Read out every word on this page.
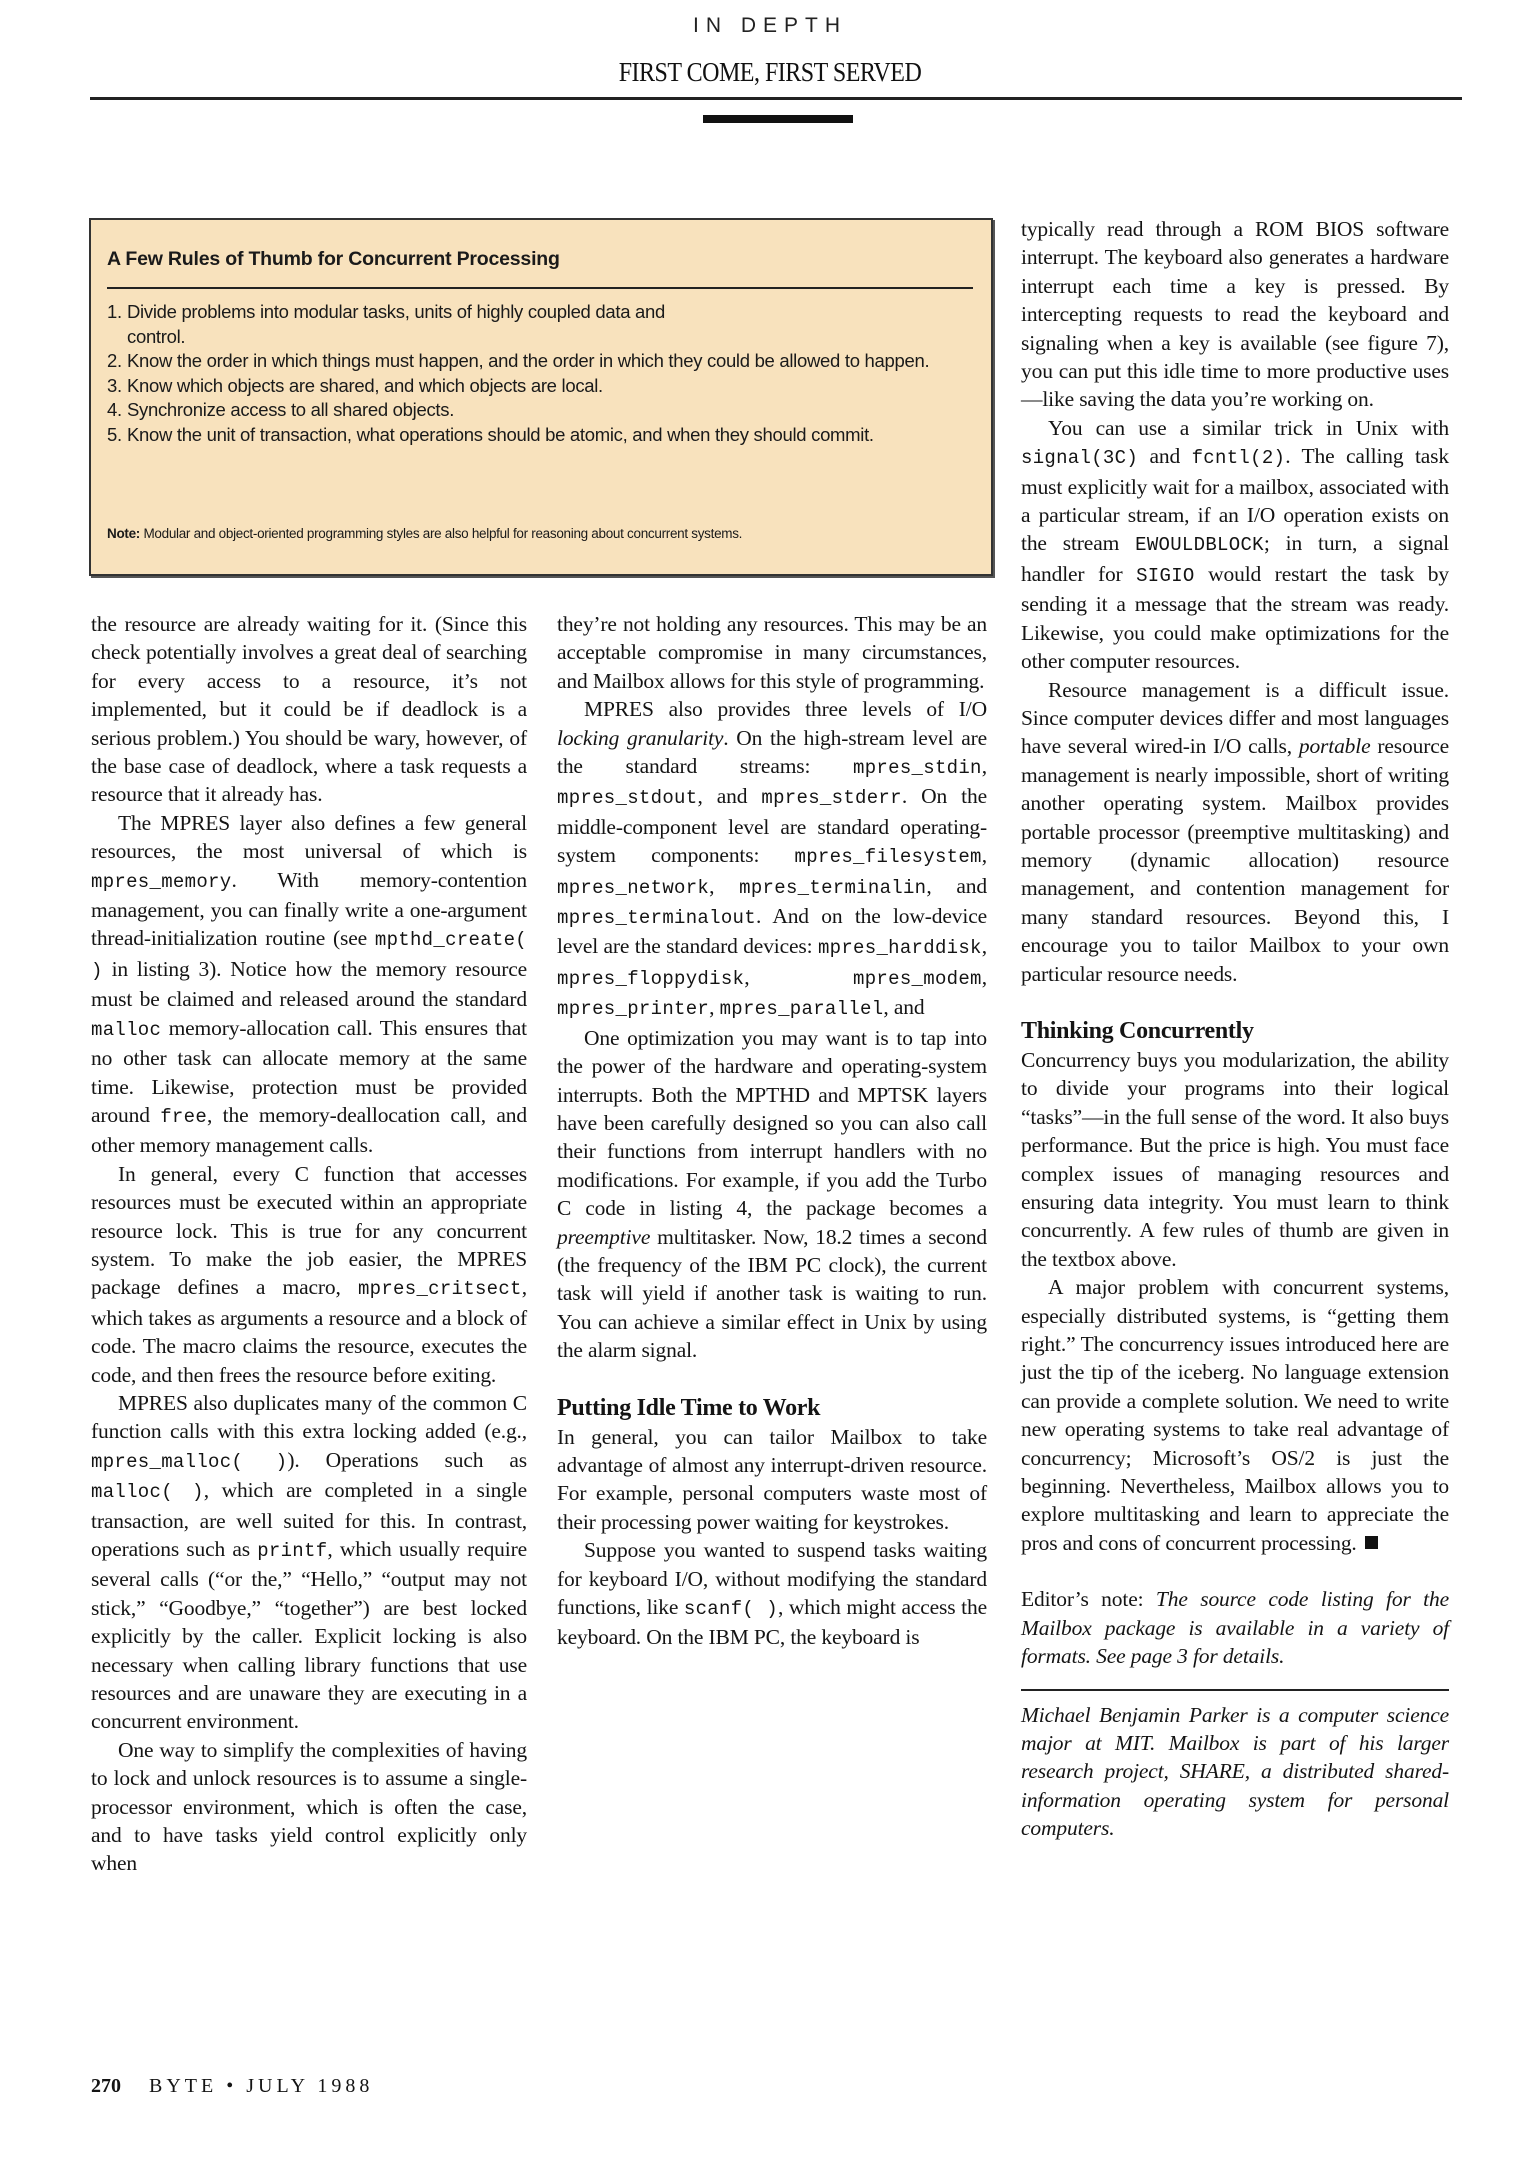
IN DEPTH
FIRST COME, FIRST SERVED
A Few Rules of Thumb for Concurrent Processing
1. Divide problems into modular tasks, units of highly coupled data and control.
2. Know the order in which things must happen, and the order in which they could be allowed to happen.
3. Know which objects are shared, and which objects are local.
4. Synchronize access to all shared objects.
5. Know the unit of transaction, what operations should be atomic, and when they should commit.
Note: Modular and object-oriented programming styles are also helpful for reasoning about concurrent systems.

the resource are already waiting for it. (Since this check potentially involves a great deal of searching for every access to a resource, it’s not implemented, but it could be if deadlock is a serious problem.) You should be wary, however, of the base case of deadlock, where a task requests a resource that it already has.

The MPRES layer also defines a few general resources, the most universal of which is mpres_memory. With memory-contention management, you can finally write a one-argument thread-initialization routine (see mpthd_create( ) in listing 3). Notice how the memory resource must be claimed and released around the standard malloc memory-allocation call. This ensures that no other task can allocate memory at the same time. Likewise, protection must be provided around free, the memory-deallocation call, and other memory management calls.

In general, every C function that accesses resources must be executed within an appropriate resource lock. This is true for any concurrent system. To make the job easier, the MPRES package defines a macro, mpres_critsect, which takes as arguments a resource and a block of code. The macro claims the resource, executes the code, and then frees the resource before exiting.

MPRES also duplicates many of the common C function calls with this extra locking added (e.g., mpres_malloc( )). Operations such as malloc( ), which are completed in a single transaction, are well suited for this. In contrast, operations such as printf, which usually require several calls (“or the,” “Hello,” “output may not stick,” “Goodbye,” “together”) are best locked explicitly by the caller. Explicit locking is also necessary when calling library functions that use resources and are unaware they are executing in a concurrent environment.

One way to simplify the complexities of having to lock and unlock resources is to assume a single-processor environment, which is often the case, and to have tasks yield control explicitly only when

they’re not holding any resources. This may be an acceptable compromise in many circumstances, and Mailbox allows for this style of programming.

MPRES also provides three levels of I/O locking granularity. On the high-stream level are the standard streams: mpres_stdin, mpres_stdout, and mpres_stderr. On the middle-component level are standard operating-system components: mpres_filesystem, mpres_network, mpres_terminalin, and mpres_terminalout. And on the low-device level are the standard devices: mpres_harddisk, mpres_floppydisk, mpres_modem, mpres_printer, mpres_parallel, and

One optimization you may want is to tap into the power of the hardware and operating-system interrupts. Both the MPTHD and MPTSK layers have been carefully designed so you can also call their functions from interrupt handlers with no modifications. For example, if you add the Turbo C code in listing 4, the package becomes a preemptive multitasker. Now, 18.2 times a second (the frequency of the IBM PC clock), the current task will yield if another task is waiting to run. You can achieve a similar effect in Unix by using the alarm signal.

Putting Idle Time to Work

In general, you can tailor Mailbox to take advantage of almost any interrupt-driven resource. For example, personal computers waste most of their processing power waiting for keystrokes.

Suppose you wanted to suspend tasks waiting for keyboard I/O, without modifying the standard functions, like scanf( ), which might access the keyboard. On the IBM PC, the keyboard is

typically read through a ROM BIOS software interrupt. The keyboard also generates a hardware interrupt each time a key is pressed. By intercepting requests to read the keyboard and signaling when a key is available (see figure 7), you can put this idle time to more productive uses—like saving the data you’re working on.

You can use a similar trick in Unix with signal(3C) and fcntl(2). The calling task must explicitly wait for a mailbox, associated with a particular stream, if an I/O operation exists on the stream EWOULDBLOCK; in turn, a signal handler for SIGIO would restart the task by sending it a message that the stream was ready. Likewise, you could make optimizations for the other computer resources.

Resource management is a difficult issue. Since computer devices differ and most languages have several wired-in I/O calls, portable resource management is nearly impossible, short of writing another operating system. Mailbox provides portable processor (preemptive multitasking) and memory (dynamic allocation) resource management, and contention management for many standard resources. Beyond this, I encourage you to tailor Mailbox to your own particular resource needs.

Thinking Concurrently

Concurrency buys you modularization, the ability to divide your programs into their logical “tasks”—in the full sense of the word. It also buys performance. But the price is high. You must face complex issues of managing resources and ensuring data integrity. You must learn to think concurrently. A few rules of thumb are given in the textbox above.

A major problem with concurrent systems, especially distributed systems, is “getting them right.” The concurrency issues introduced here are just the tip of the iceberg. No language extension can provide a complete solution. We need to write new operating systems to take real advantage of concurrency; Microsoft’s OS/2 is just the beginning. Nevertheless, Mailbox allows you to explore multitasking and learn to appreciate the pros and cons of concurrent processing.

Editor’s note: The source code listing for the Mailbox package is available in a variety of formats. See page 3 for details.

Michael Benjamin Parker is a computer science major at MIT. Mailbox is part of his larger research project, SHARE, a distributed shared-information operating system for personal computers.

270 BYTE • JULY 1988
